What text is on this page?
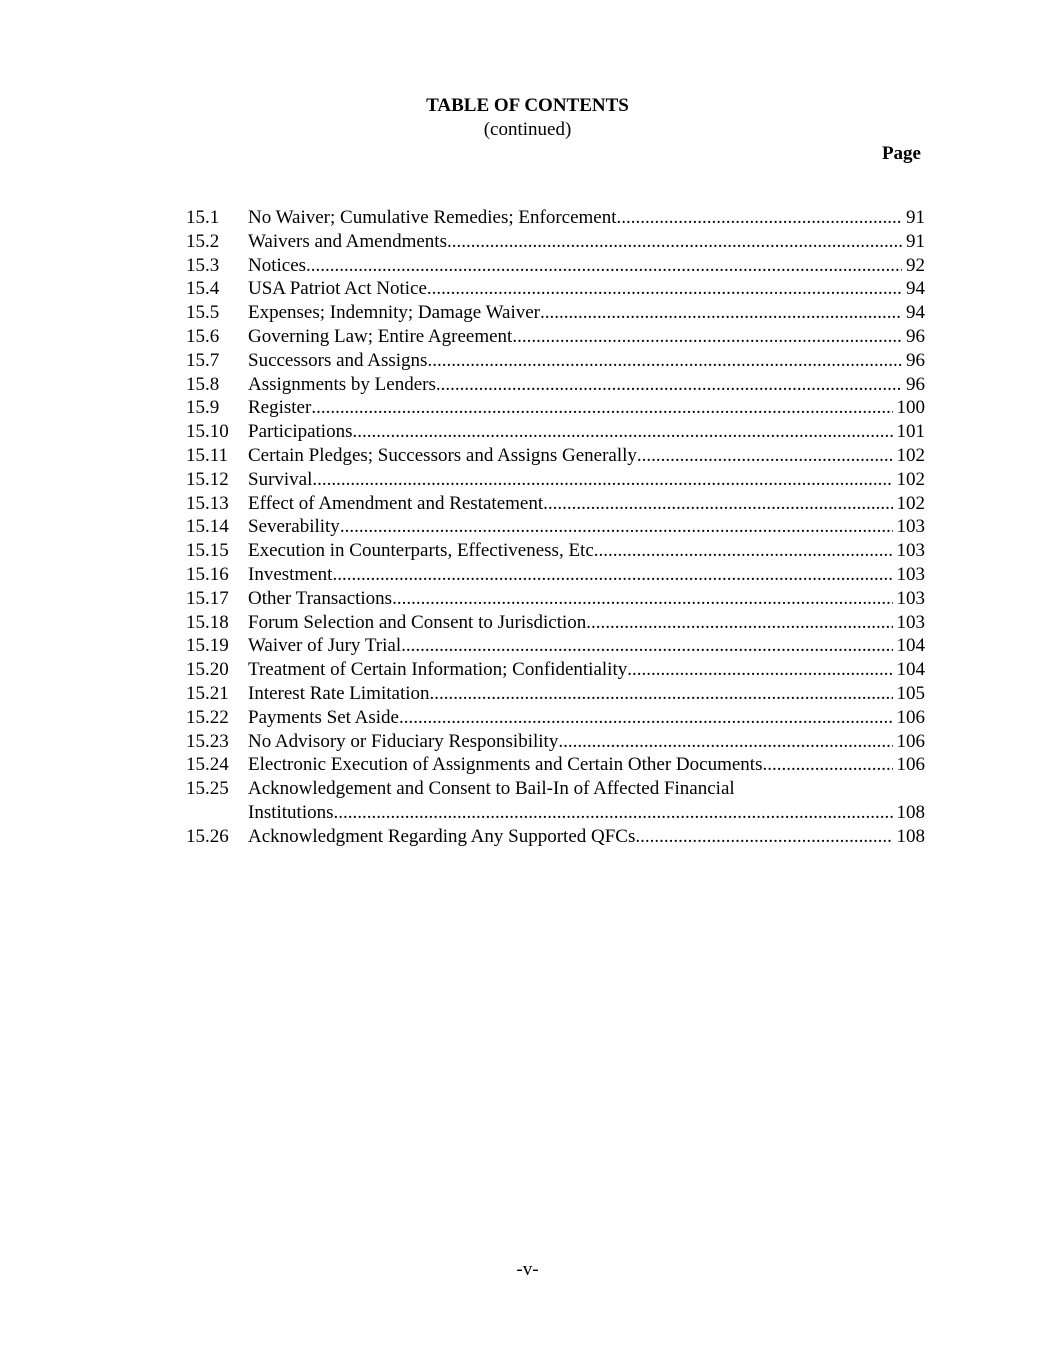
TABLE OF CONTENTS
(continued)
Page
15.1	No Waiver; Cumulative Remedies; Enforcement .....	91
15.2	Waivers and Amendments. .....	91
15.3	Notices. .....	92
15.4	USA Patriot Act Notice .....	94
15.5	Expenses; Indemnity; Damage Waiver .....	94
15.6	Governing Law; Entire Agreement .....	96
15.7	Successors and Assigns .....	96
15.8	Assignments by Lenders. .....	96
15.9	Register .....	100
15.10	Participations .....	101
15.11	Certain Pledges; Successors and Assigns Generally .....	102
15.12	Survival .....	102
15.13	Effect of Amendment and Restatement. .....	102
15.14	Severability .....	103
15.15	Execution in Counterparts, Effectiveness, Etc .....	103
15.16	Investment .....	103
15.17	Other Transactions .....	103
15.18	Forum Selection and Consent to Jurisdiction .....	103
15.19	Waiver of Jury Trial .....	104
15.20	Treatment of Certain Information; Confidentiality .....	104
15.21	Interest Rate Limitation .....	105
15.22	Payments Set Aside .....	106
15.23	No Advisory or Fiduciary Responsibility .....	106
15.24	Electronic Execution of Assignments and Certain Other Documents .....	106
15.25	Acknowledgement and Consent to Bail-In of Affected Financial
Institutions. .....	108
15.26	Acknowledgment Regarding Any Supported QFCs .....	108
-v-
